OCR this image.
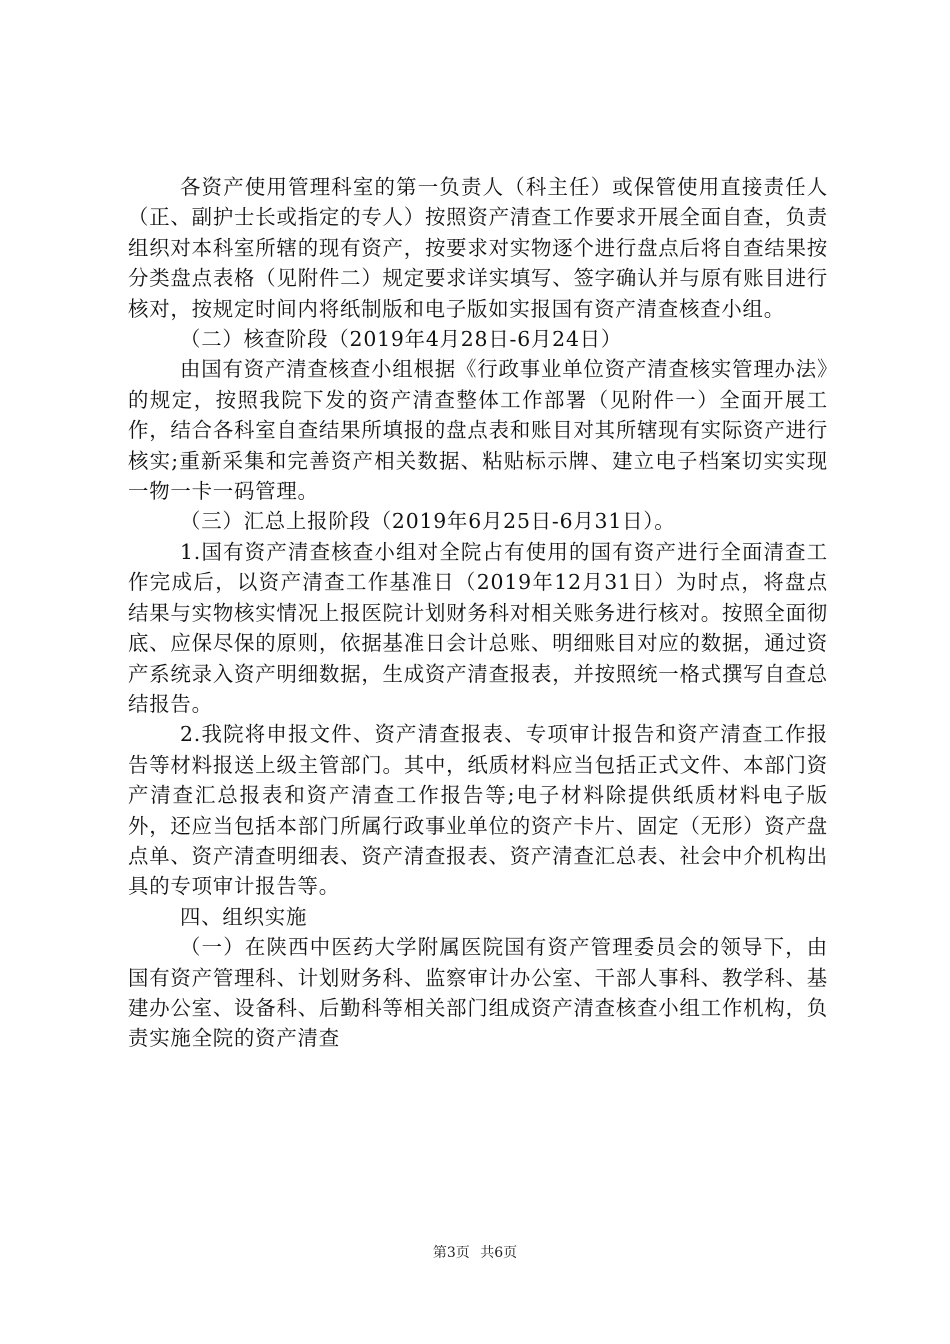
各资产使用管理科室的第一负责人（科主任）或保管使用直接责任人（正、副护士长或指定的专人）按照资产清查工作要求开展全面自查，负责组织对本科室所辖的现有资产，按要求对实物逐个进行盘点后将自查结果按分类盘点表格（见附件二）规定要求详实填写、签字确认并与原有账目进行核对，按规定时间内将纸制版和电子版如实报国有资产清查核查小组。

（二）核查阶段（2019年4月28日-6月24日）

由国有资产清查核查小组根据《行政事业单位资产清查核实管理办法》的规定，按照我院下发的资产清查整体工作部署（见附件一）全面开展工作，结合各科室自查结果所填报的盘点表和账目对其所辖现有实际资产进行核实;重新采集和完善资产相关数据、粘贴标示牌、建立电子档案切实实现一物一卡一码管理。

（三）汇总上报阶段（2019年6月25日-6月31日）。

1.国有资产清查核查小组对全院占有使用的国有资产进行全面清查工作完成后，以资产清查工作基准日（2019年12月31日）为时点，将盘点结果与实物核实情况上报医院计划财务科对相关账务进行核对。按照全面彻底、应保尽保的原则，依据基准日会计总账、明细账目对应的数据，通过资产系统录入资产明细数据，生成资产清查报表，并按照统一格式撰写自查总结报告。

2.我院将申报文件、资产清查报表、专项审计报告和资产清查工作报告等材料报送上级主管部门。其中，纸质材料应当包括正式文件、本部门资产清查汇总报表和资产清查工作报告等;电子材料除提供纸质材料电子版外，还应当包括本部门所属行政事业单位的资产卡片、固定（无形）资产盘点单、资产清查明细表、资产清查报表、资产清查汇总表、社会中介机构出具的专项审计报告等。

四、组织实施

（一）在陕西中医药大学附属医院国有资产管理委员会的领导下，由国有资产管理科、计划财务科、监察审计办公室、干部人事科、教学科、基建办公室、设备科、后勤科等相关部门组成资产清查核查小组工作机构，负责实施全院的资产清查

第3页 共6页
